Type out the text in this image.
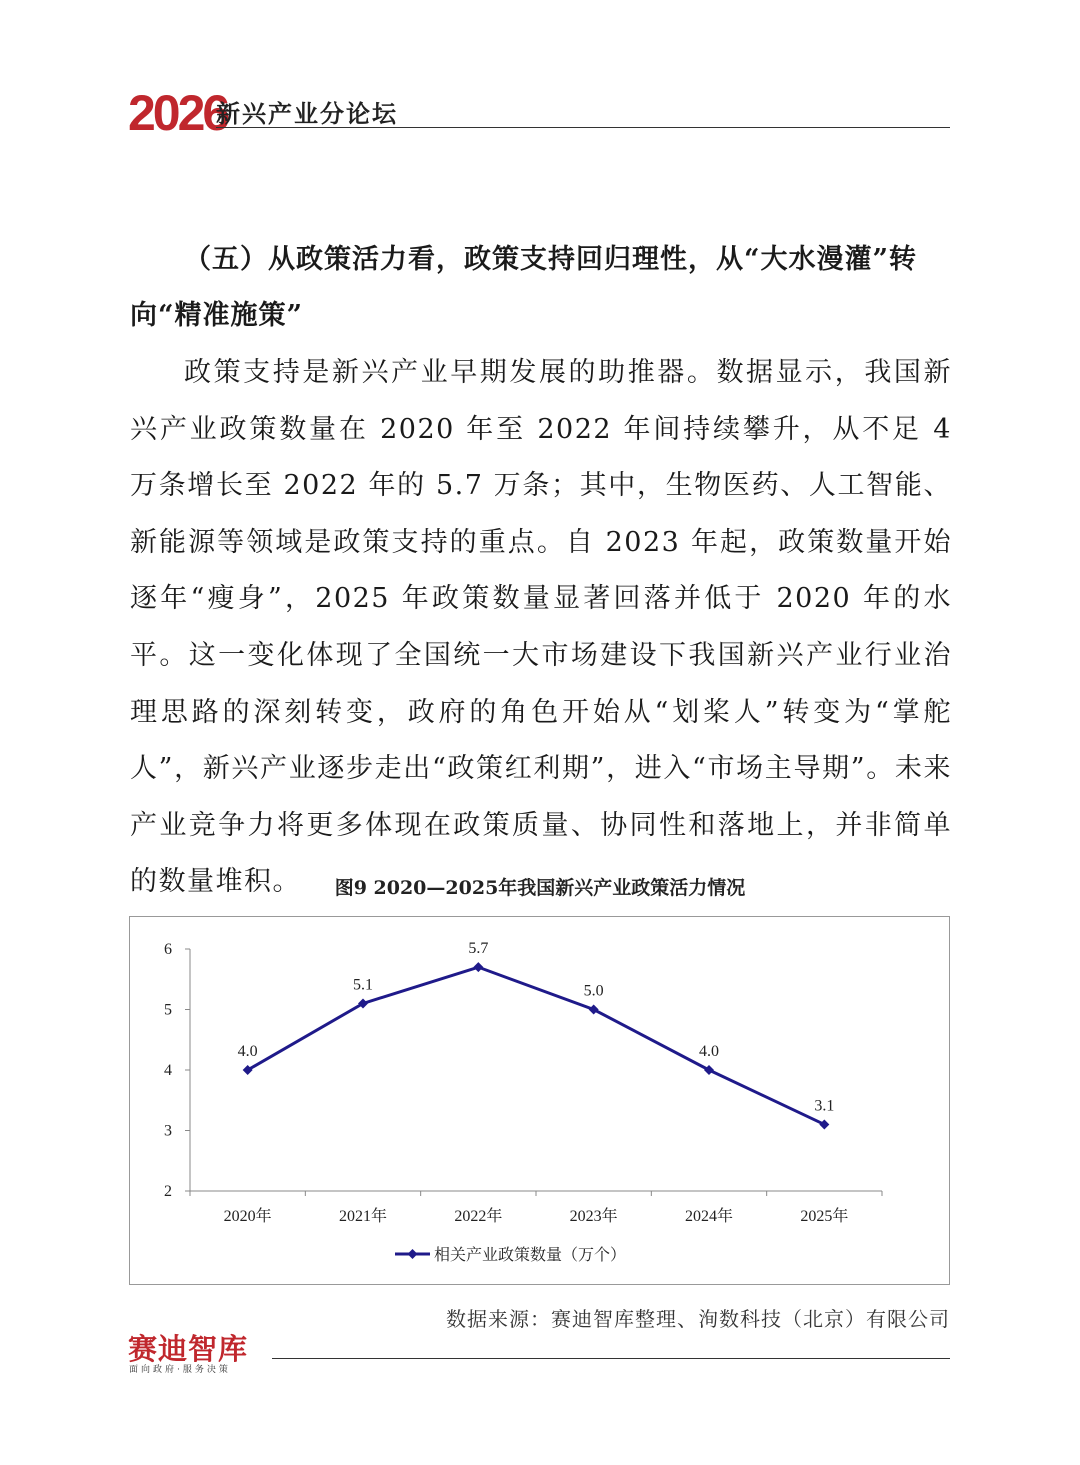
2026
新兴产业分论坛
（五）从政策活力看，政策支持回归理性，从“大水漫灌”转向“精准施策”
政策支持是新兴产业早期发展的助推器。数据显示，我国新兴产业政策数量在 2020 年至 2022 年间持续攀升，从不足 4 万条增长至 2022 年的 5.7 万条；其中，生物医药、人工智能、新能源等领域是政策支持的重点。自 2023 年起，政策数量开始逐年“瘦身”，2025 年政策数量显著回落并低于 2020 年的水平。这一变化体现了全国统一大市场建设下我国新兴产业行业治理思路的深刻转变，政府的角色开始从“划桨人”转变为“掌舵人”，新兴产业逐步走出“政策红利期”，进入“市场主导期”。未来产业竞争力将更多体现在政策质量、协同性和落地上，并非简单的数量堆积。	图9 2020—2025年我国新兴产业政策活力情况
2
3
4
5
6
2020年	2021年	2022年	2023年	2024年	2025年
4.0
5.1
5.7
5.0
4.0
3.1
相关产业政策数量（万个）
数据来源：赛迪智库整理、洵数科技（北京）有限公司
赛迪智库
面向政府·服务决策
